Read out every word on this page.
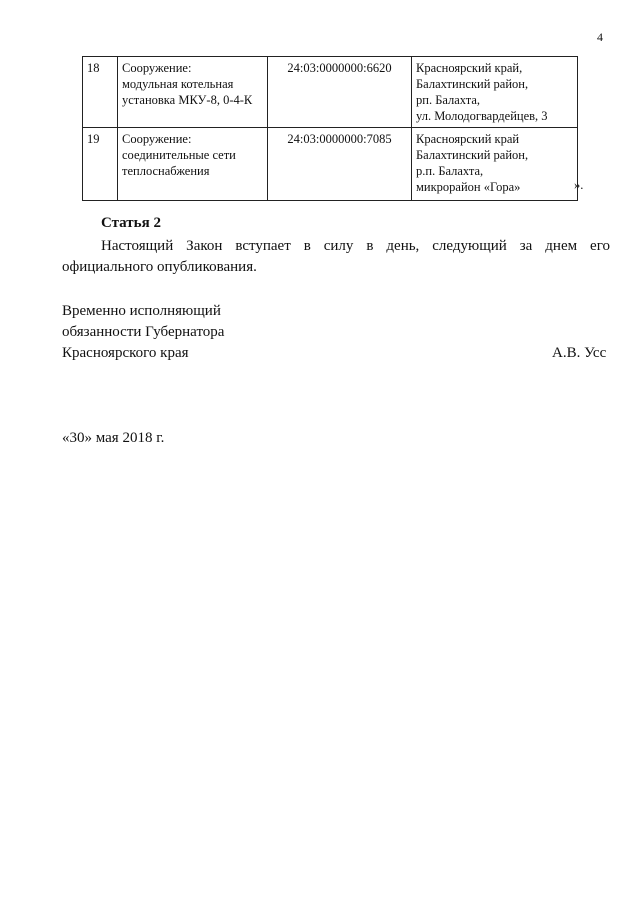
4
18	Сооружение:
модульная котельная
установка МКУ-8, 0-4-К	24:03:0000000:6620	Красноярский край,
Балахтинский район,
рп. Балахта,
ул. Молодогвардейцев, 3

19	Сооружение:
соединительные сети
теплоснабжения	24:03:0000000:7085	Красноярский край
Балахтинский район,
р.п. Балахта,
микрорайон «Гора»	».
Статья 2
Настоящий Закон вступает в силу в день, следующий за днем его
официального опубликования.
Временно исполняющий
обязанности Губернатора
Красноярского края	А.В. Усс
«30» мая 2018 г.
